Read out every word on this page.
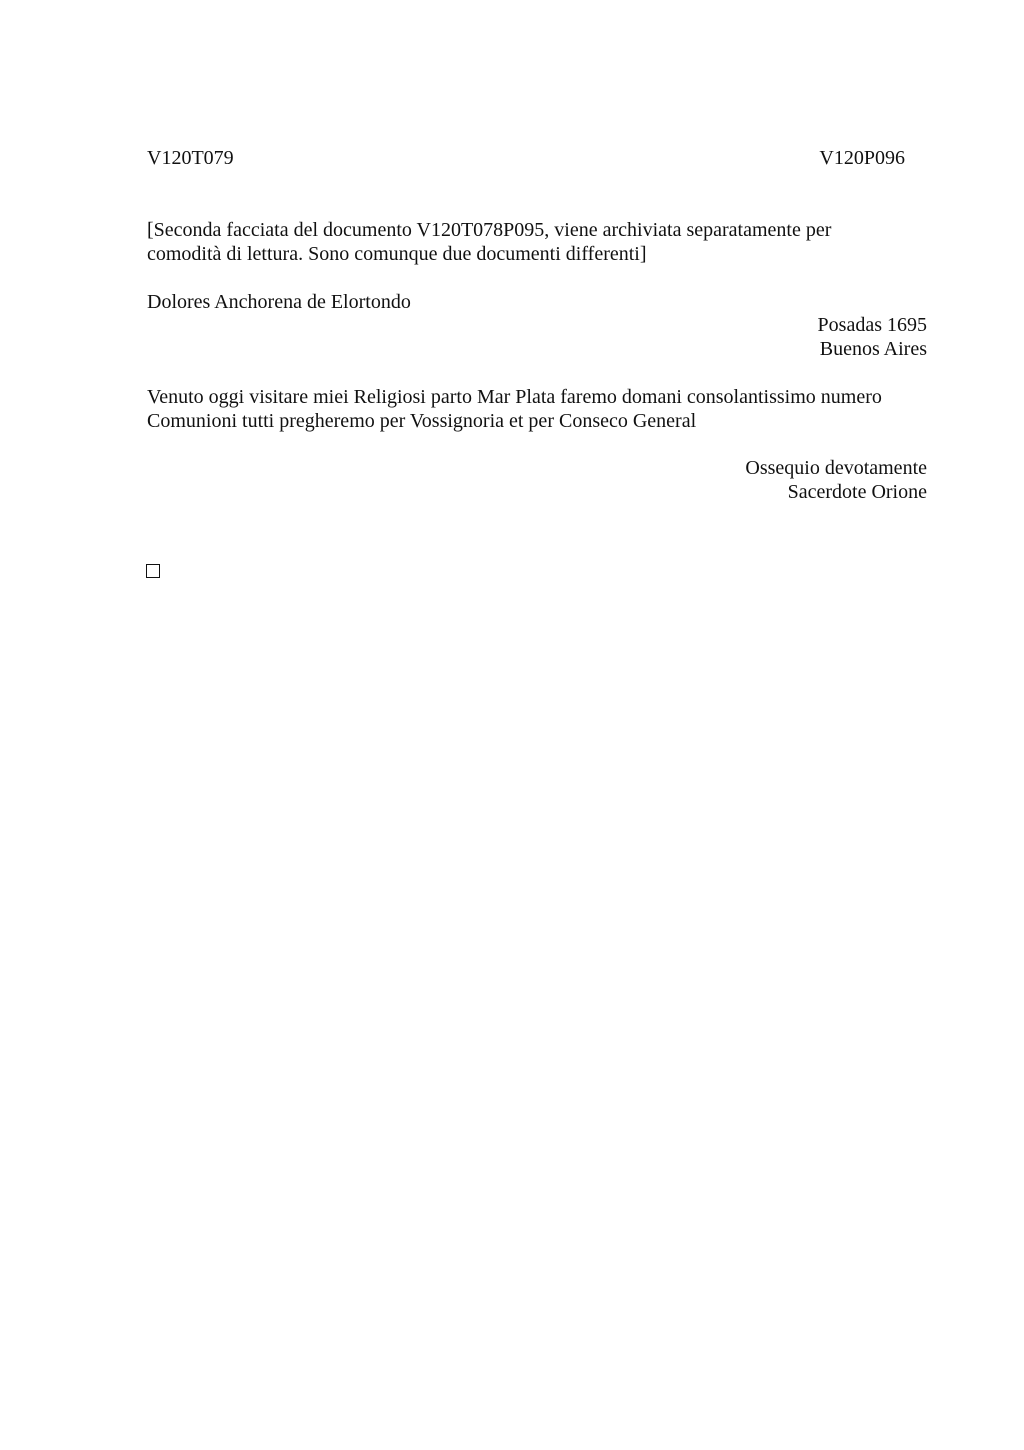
V120T079	V120P096
[Seconda facciata del documento V120T078P095, viene archiviata separatamente per
comodità di lettura. Sono comunque due documenti differenti]
Dolores Anchorena de Elortondo
Posadas 1695
Buenos Aires
Venuto oggi visitare miei Religiosi parto Mar Plata faremo domani consolantissimo numero
Comunioni tutti pregheremo per Vossignoria et per Conseco General
Ossequio devotamente
Sacerdote Orione
